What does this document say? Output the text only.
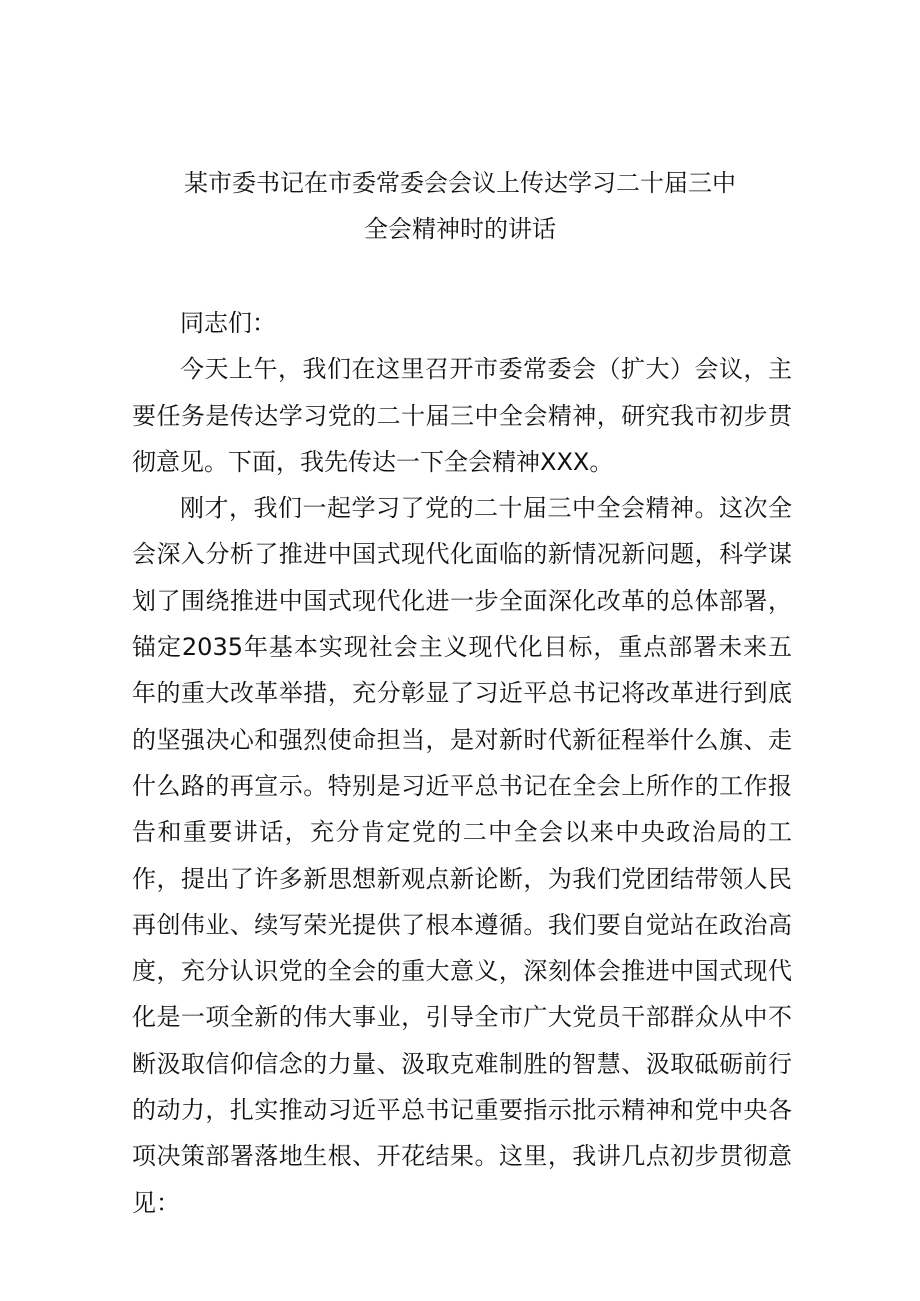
某市委书记在市委常委会会议上传达学习二十届三中
全会精神时的讲话

同志们：

今天上午，我们在这里召开市委常委会（扩大）会议，主要任务是传达学习党的二十届三中全会精神，研究我市初步贯彻意见。下面，我先传达一下全会精神XXX。

刚才，我们一起学习了党的二十届三中全会精神。这次全会深入分析了推进中国式现代化面临的新情况新问题，科学谋划了围绕推进中国式现代化进一步全面深化改革的总体部署，锚定2035年基本实现社会主义现代化目标，重点部署未来五年的重大改革举措，充分彰显了习近平总书记将改革进行到底的坚强决心和强烈使命担当，是对新时代新征程举什么旗、走什么路的再宣示。特别是习近平总书记在全会上所作的工作报告和重要讲话，充分肯定党的二中全会以来中央政治局的工作，提出了许多新思想新观点新论断，为我们党团结带领人民再创伟业、续写荣光提供了根本遵循。我们要自觉站在政治高度，充分认识党的全会的重大意义，深刻体会推进中国式现代化是一项全新的伟大事业，引导全市广大党员干部群众从中不断汲取信仰信念的力量、汲取克难制胜的智慧、汲取砥砺前行的动力，扎实推动习近平总书记重要指示批示精神和党中央各项决策部署落地生根、开花结果。这里，我讲几点初步贯彻意见：
